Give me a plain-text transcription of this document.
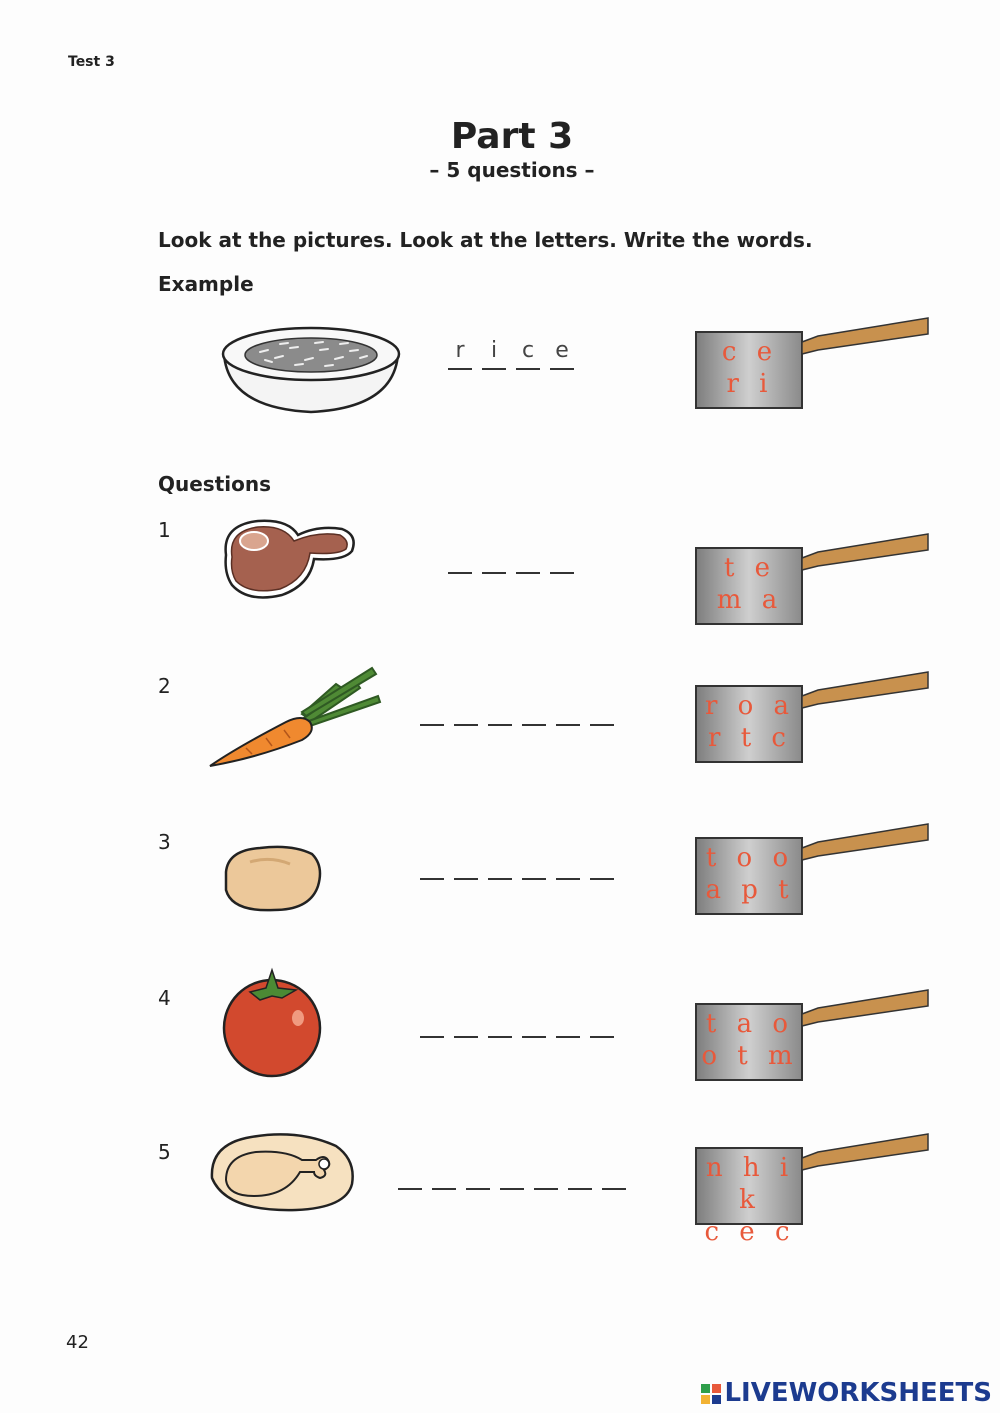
Test 3
Part 3
– 5 questions –
Look at the pictures. Look at the letters. Write the words.
Example
r	i	c e	c e
r i
Questions
1
t e
m a
2
r o a
r t c
3
t o o
a p t
4
t a o
o t m
5
n h i k
c e c
42
LIVEWORKSHEETS
